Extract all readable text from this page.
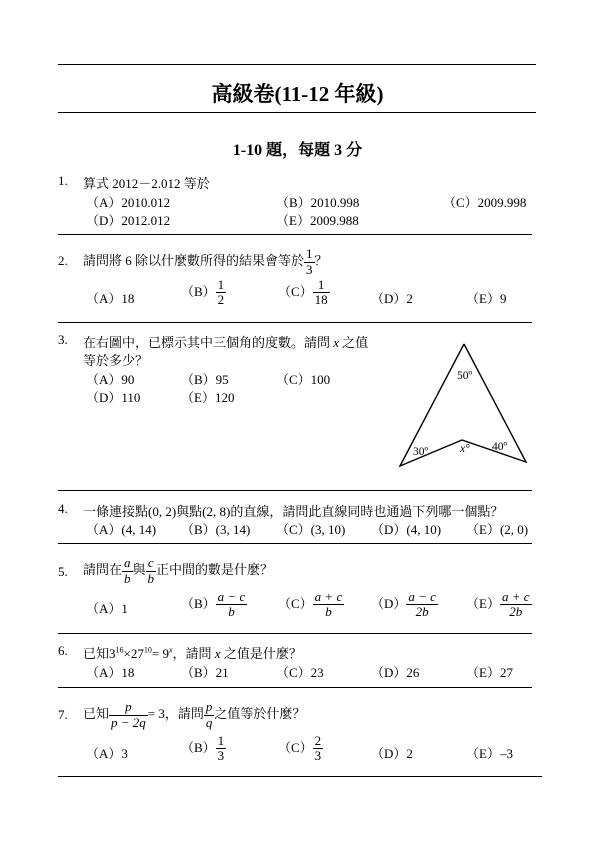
高級卷(11-12 年級)
1-10 題，每題 3 分
1. 算式 2012－2.012 等於
（A）2010.012	（B）2010.998	（C）2009.998
（D）2012.012	（E）2009.988
2. 請問將 6 除以什麼數所得的結果會等於 $\frac{1}{3}$ ？
（A）18	$(B) \frac{1}{2}$	$(C) \frac{1}{18}$	（D）2	（E）9
3. 在右圖中，已標示其中三個角的度數。請問 x 之值
等於多少？
（A）90	（B）95	（C）100
（D）110	（E）120
50º
30º	x° 40º
4. 一條連接點(0, 2)與點(2, 8)的直線，請問此直線同時也通過下列哪一個點？
（A）(4, 14) （B）(3, 14) （C）(3, 10) （D）(4, 10) （E）(2, 0)
5. 請問在 $\frac{a}{b}$ 與 $\frac{c}{b}$ 正中間的數是什麼？
（A）1	$(B) \frac{a - c}{b} (C) \frac{a + c}{b} (D) \frac{a - c}{2b} (E) \frac{a + c}{2b}$
6. 已知$3^{16}\times 27^{10}= 9^x$，請問 x 之值是什麼？
（A）18	（B）21	（C）23	（D）26	（E）27
7. 已知 $\frac{p}{p - 2q} = 3$，請問 $\frac{p}{q}$ 之值等於什麼？
（A）3	$(B) \frac{1}{3}$	$(C) \frac{2}{3}$	（D）2	（E）–3
